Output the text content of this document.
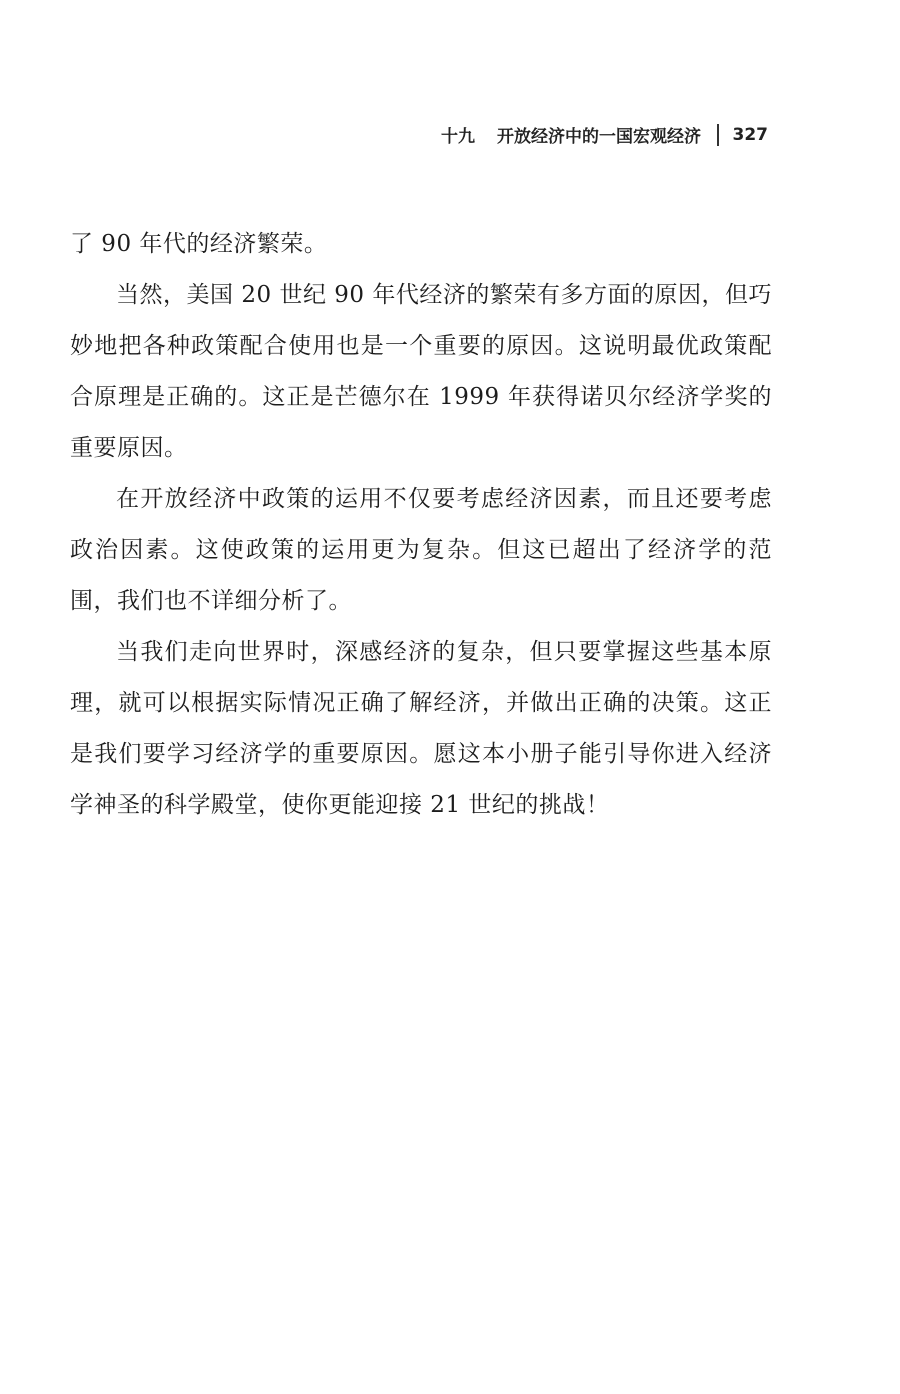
十九 开放经济中的一国宏观经济 327

了 90 年代的经济繁荣。

当然，美国 20 世纪 90 年代经济的繁荣有多方面的原因，但巧妙地把各种政策配合使用也是一个重要的原因。这说明最优政策配合原理是正确的。这正是芒德尔在 1999 年获得诺贝尔经济学奖的重要原因。

在开放经济中政策的运用不仅要考虑经济因素，而且还要考虑政治因素。这使政策的运用更为复杂。但这已超出了经济学的范围，我们也不详细分析了。

当我们走向世界时，深感经济的复杂，但只要掌握这些基本原理，就可以根据实际情况正确了解经济，并做出正确的决策。这正是我们要学习经济学的重要原因。愿这本小册子能引导你进入经济学神圣的科学殿堂，使你更能迎接 21 世纪的挑战！
